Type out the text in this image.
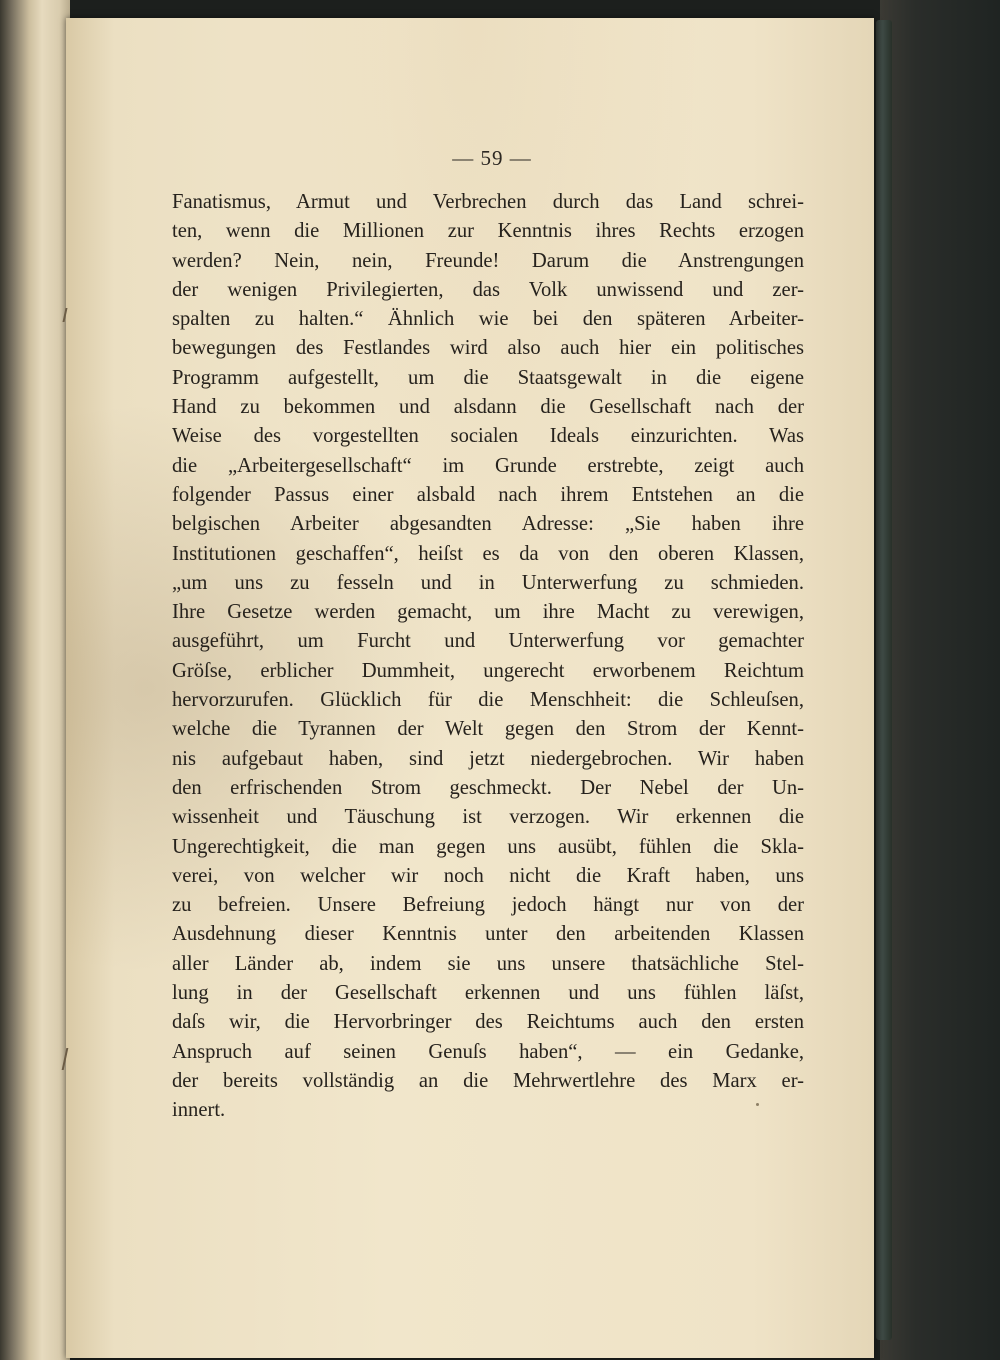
— 59 —
Fanatismus, Armut und Verbrechen durch das Land schrei-
ten, wenn die Millionen zur Kenntnis ihres Rechts erzogen
werden? Nein, nein, Freunde! Darum die Anstrengungen
der wenigen Privilegierten, das Volk unwissend und zer-
spalten zu halten.“ Ähnlich wie bei den späteren Arbeiter-
bewegungen des Festlandes wird also auch hier ein politisches
Programm aufgestellt, um die Staatsgewalt in die eigene
Hand zu bekommen und alsdann die Gesellschaft nach der
Weise des vorgestellten socialen Ideals einzurichten. Was
die „Arbeitergesellschaft“ im Grunde erstrebte, zeigt auch
folgender Passus einer alsbald nach ihrem Entstehen an die
belgischen Arbeiter abgesandten Adresse: „Sie haben ihre
Institutionen geschaffen“, heiſst es da von den oberen Klassen,
„um uns zu fesseln und in Unterwerfung zu schmieden.
Ihre Gesetze werden gemacht, um ihre Macht zu verewigen,
ausgeführt, um Furcht und Unterwerfung vor gemachter
Gröſse, erblicher Dummheit, ungerecht erworbenem Reichtum
hervorzurufen. Glücklich für die Menschheit: die Schleuſsen,
welche die Tyrannen der Welt gegen den Strom der Kennt-
nis aufgebaut haben, sind jetzt niedergebrochen. Wir haben
den erfrischenden Strom geschmeckt. Der Nebel der Un-
wissenheit und Täuschung ist verzogen. Wir erkennen die
Ungerechtigkeit, die man gegen uns ausübt, fühlen die Skla-
verei, von welcher wir noch nicht die Kraft haben, uns
zu befreien. Unsere Befreiung jedoch hängt nur von der
Ausdehnung dieser Kenntnis unter den arbeitenden Klassen
aller Länder ab, indem sie uns unsere thatsächliche Stel-
lung in der Gesellschaft erkennen und uns fühlen läſst,
daſs wir, die Hervorbringer des Reichtums auch den ersten
Anspruch auf seinen Genuſs haben“, — ein Gedanke,
der bereits vollständig an die Mehrwertlehre des Marx er-
innert.
